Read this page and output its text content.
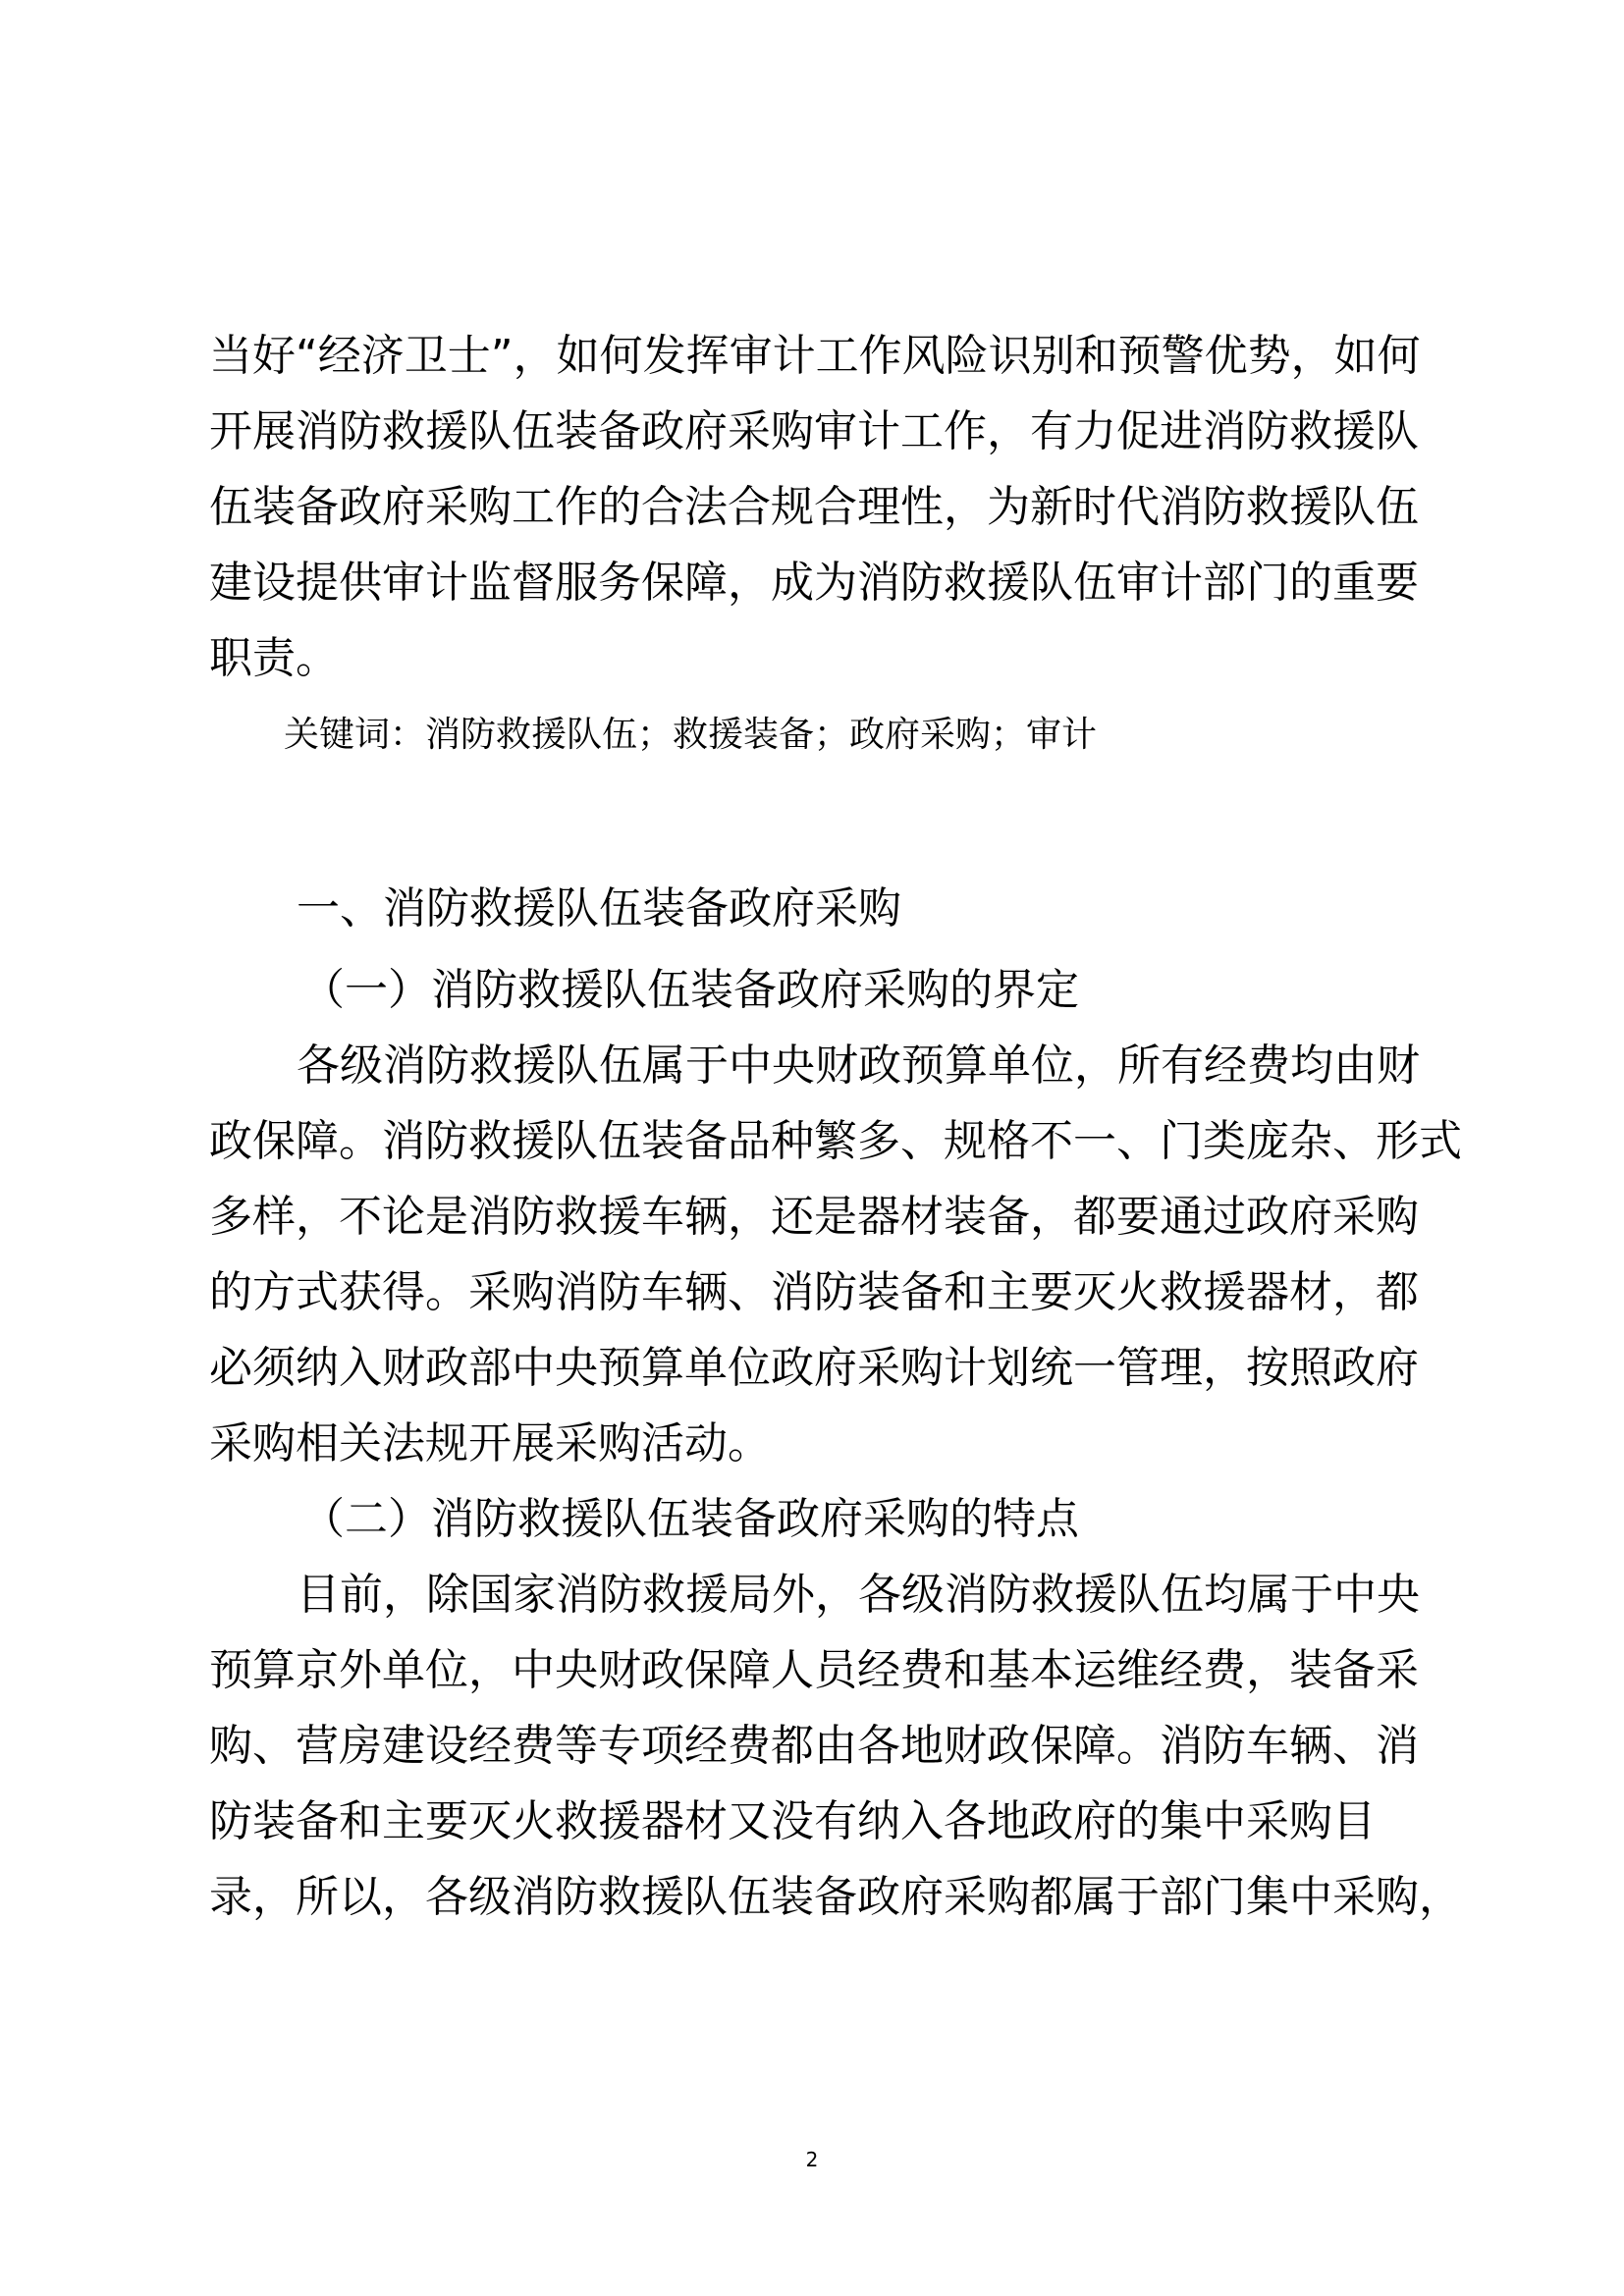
当好“经济卫士”，如何发挥审计工作风险识别和预警优势，如何
开展消防救援队伍装备政府采购审计工作，有力促进消防救援队
伍装备政府采购工作的合法合规合理性，为新时代消防救援队伍
建设提供审计监督服务保障，成为消防救援队伍审计部门的重要
职责。
关键词：消防救援队伍；救援装备；政府采购；审计
一、消防救援队伍装备政府采购
（一）消防救援队伍装备政府采购的界定
各级消防救援队伍属于中央财政预算单位，所有经费均由财
政保障。消防救援队伍装备品种繁多、规格不一、门类庞杂、形式
多样，不论是消防救援车辆，还是器材装备，都要通过政府采购
的方式获得。采购消防车辆、消防装备和主要灭火救援器材，都
必须纳入财政部中央预算单位政府采购计划统一管理，按照政府
采购相关法规开展采购活动。
（二）消防救援队伍装备政府采购的特点
目前，除国家消防救援局外，各级消防救援队伍均属于中央
预算京外单位，中央财政保障人员经费和基本运维经费，装备采
购、营房建设经费等专项经费都由各地财政保障。消防车辆、消
防装备和主要灭火救援器材又没有纳入各地政府的集中采购目
录，所以，各级消防救援队伍装备政府采购都属于部门集中采购，
2
